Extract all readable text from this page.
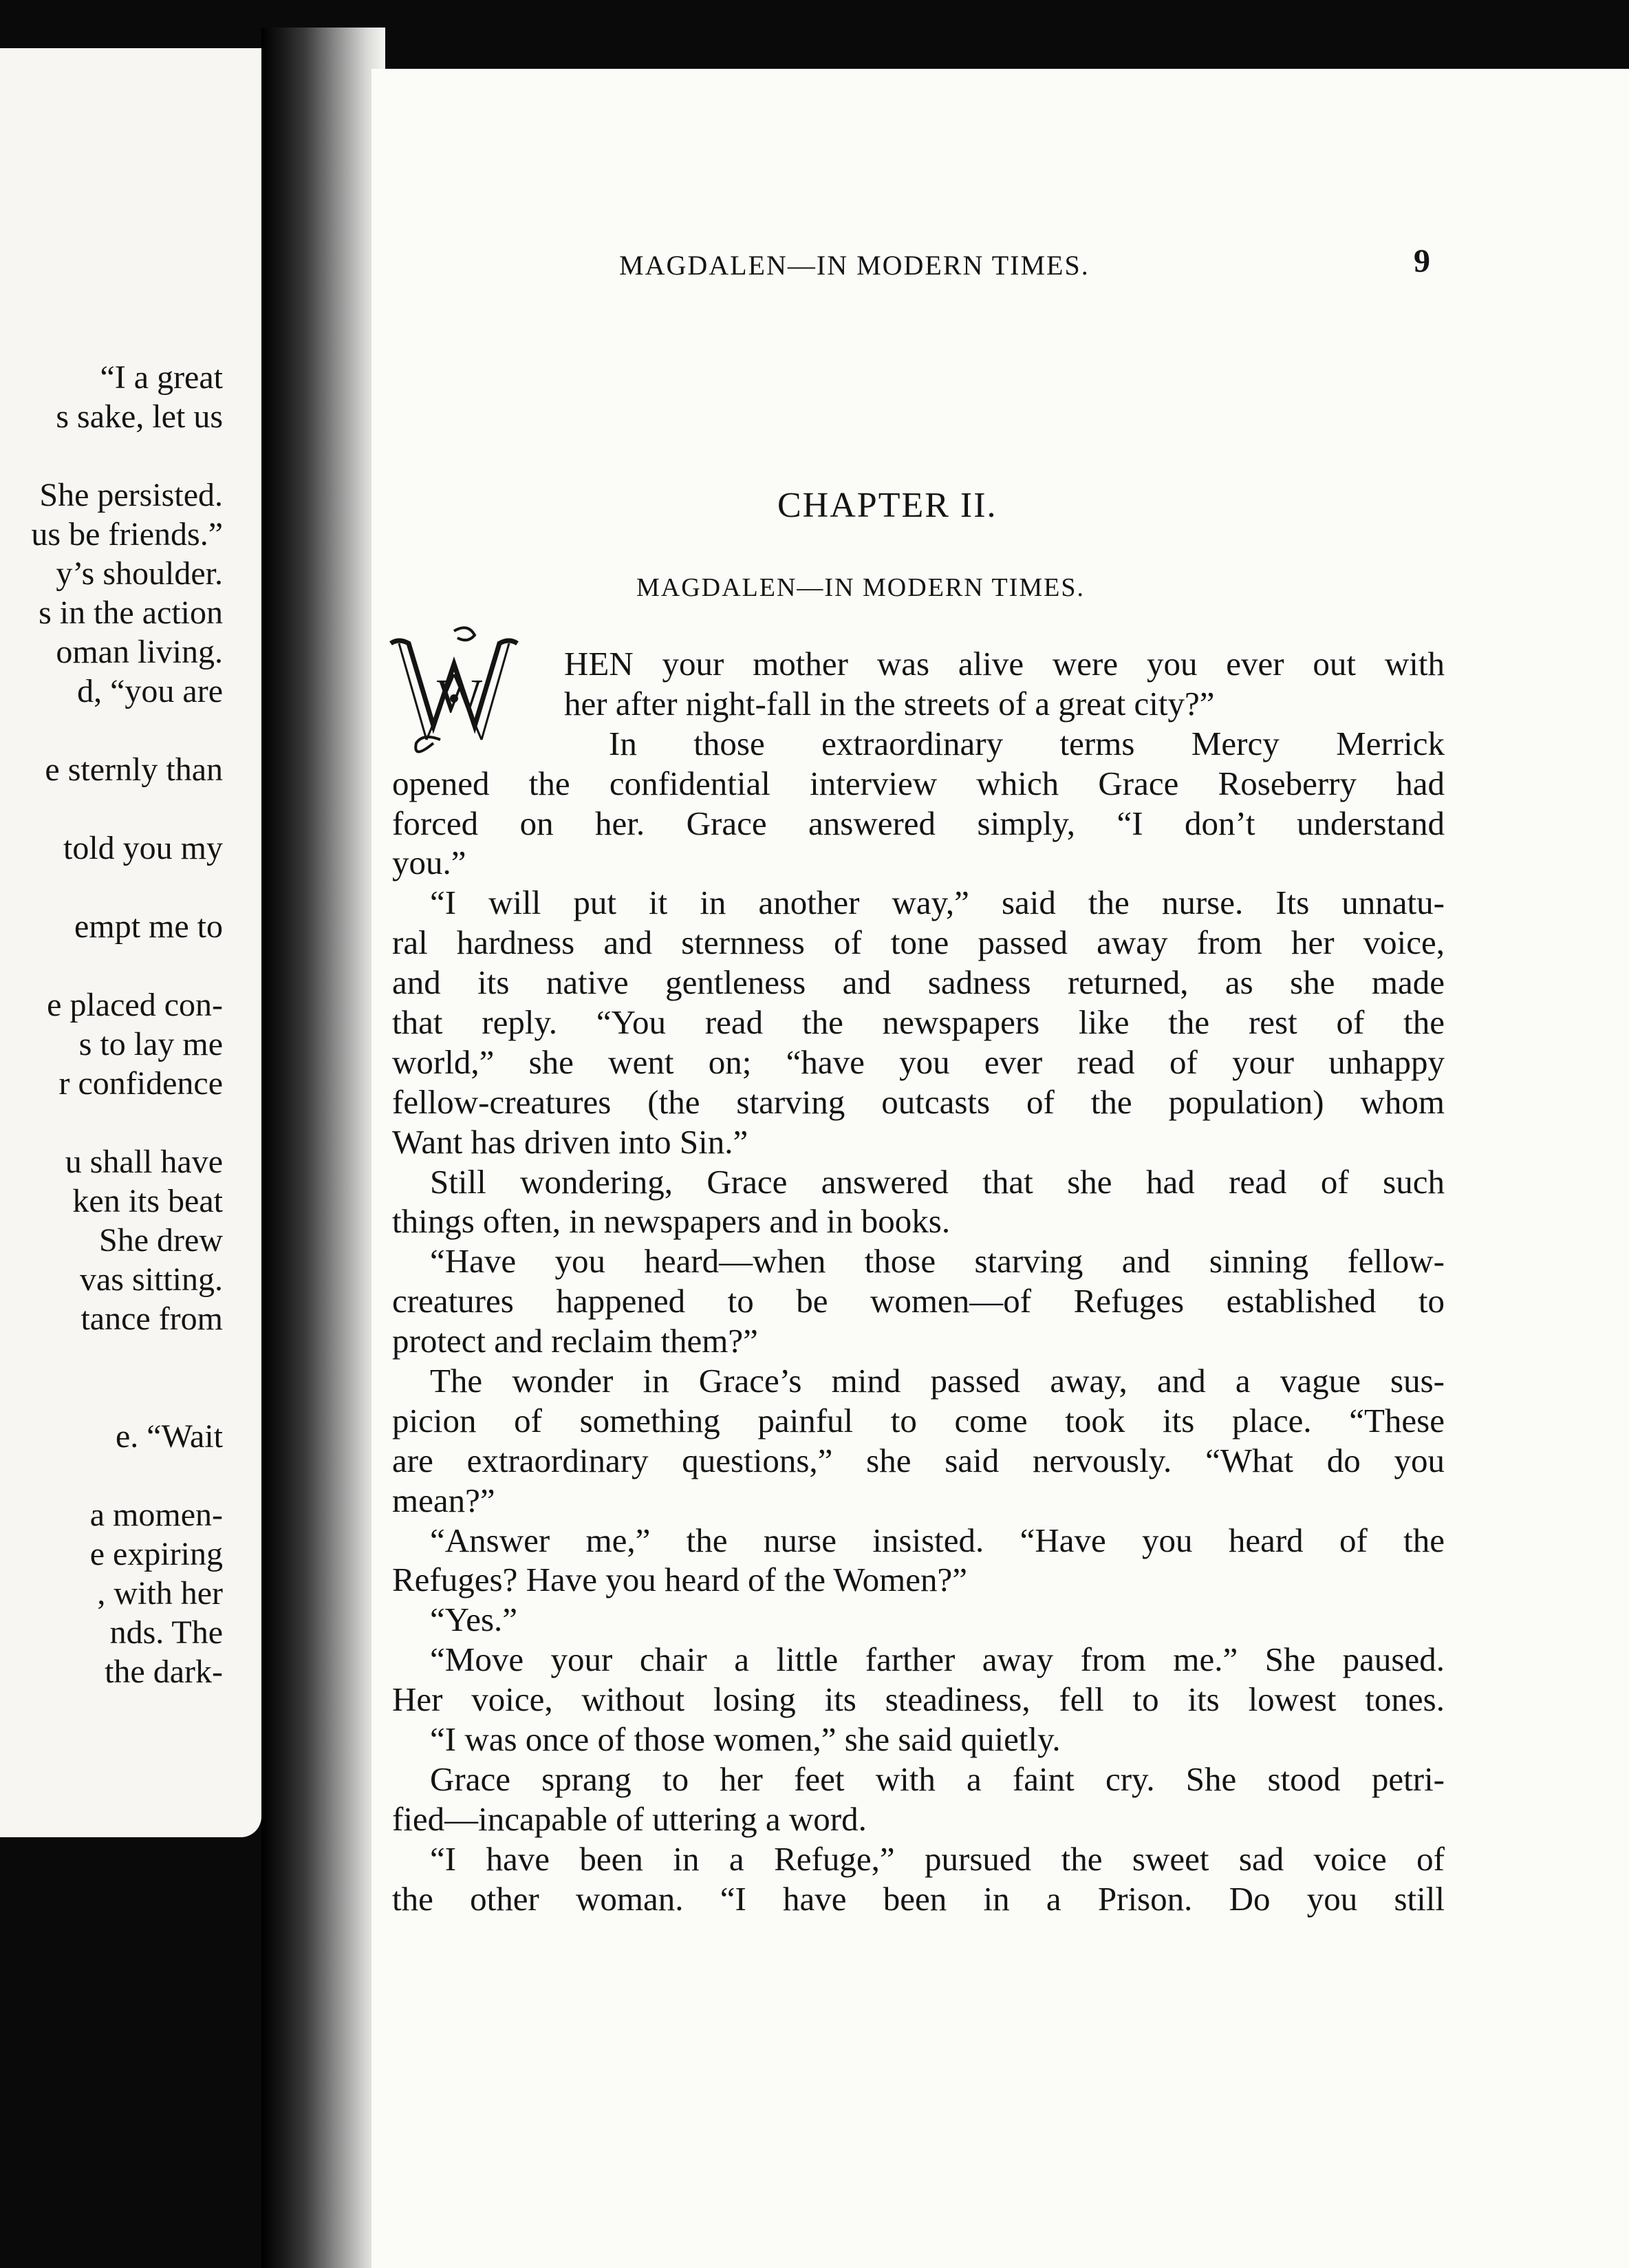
“I a great
s sake, let us
She persisted.
us be friends.”
y’s shoulder.
s in the action
oman living.
d, “you are
e sternly than
told you my
empt me to
e placed con-
s to lay me
r confidence
u shall have
ken its beat
She drew
vas sitting.
tance from
e. “Wait
a momen-
e expiring
, with her
nds. The
the dark-
MAGDALEN—IN MODERN TIMES.	9
CHAPTER II.
MAGDALEN—IN MODERN TIMES.
W
HEN your mother was alive were you ever out with
her after night-fall in the streets of a great city?”
In those extraordinary terms Mercy Merrick
opened the confidential interview which Grace Roseberry had
forced on her. Grace answered simply, “I don’t understand
you.”
“I will put it in another way,” said the nurse. Its unnatu-
ral hardness and sternness of tone passed away from her voice,
and its native gentleness and sadness returned, as she made
that reply. “You read the newspapers like the rest of the
world,” she went on; “have you ever read of your unhappy
fellow-creatures (the starving outcasts of the population) whom
Want has driven into Sin.”
Still wondering, Grace answered that she had read of such
things often, in newspapers and in books.
“Have you heard—when those starving and sinning fellow-
creatures happened to be women—of Refuges established to
protect and reclaim them?”
The wonder in Grace’s mind passed away, and a vague sus-
picion of something painful to come took its place. “These
are extraordinary questions,” she said nervously. “What do you
mean?”
“Answer me,” the nurse insisted. “Have you heard of the
Refuges? Have you heard of the Women?”
“Yes.”
“Move your chair a little farther away from me.” She paused.
Her voice, without losing its steadiness, fell to its lowest tones.
“I was once of those women,” she said quietly.
Grace sprang to her feet with a faint cry. She stood petri-
fied—incapable of uttering a word.
“I have been in a Refuge,” pursued the sweet sad voice of
the other woman. “I have been in a Prison. Do you still
